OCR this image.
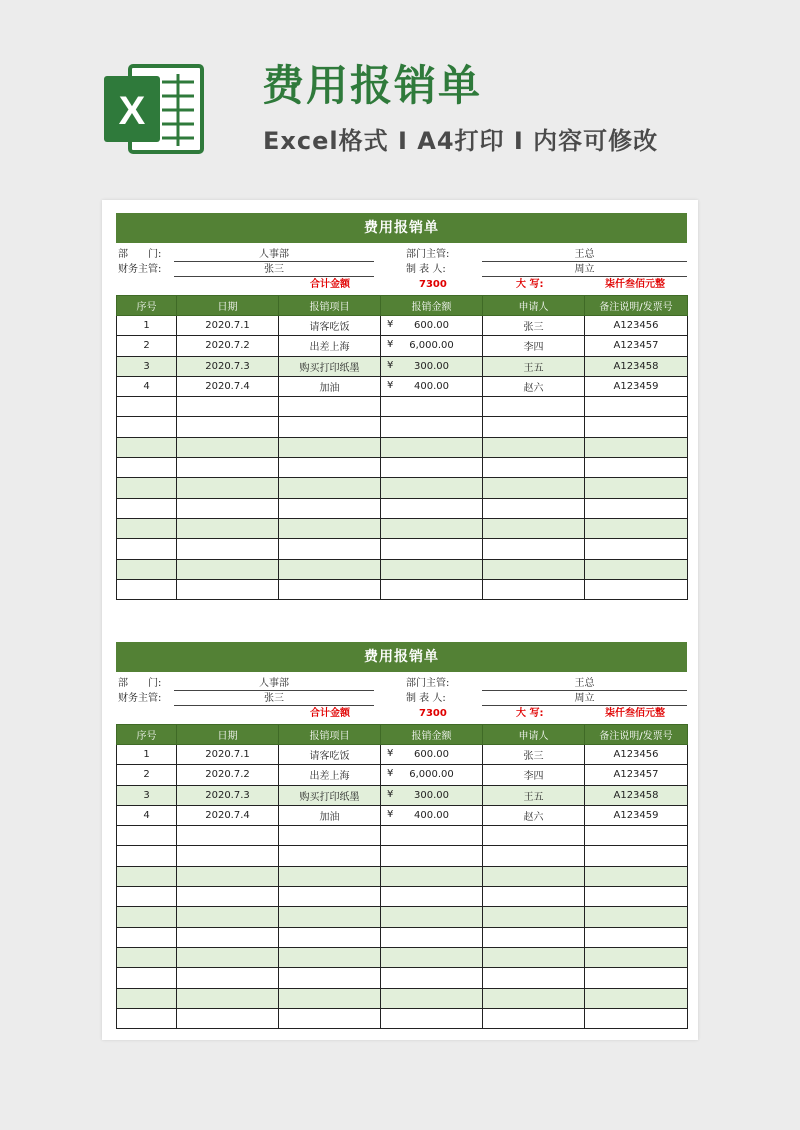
X
费用报销单
Excel格式 I A4打印 I 内容可修改
费用报销单
部　　门:	人事部	部门主管:	王总
财务主管:	张三	制 表 人:	周立
合计金额	7300	大 写:	柒仟叁佰元整
序号	日期	报销项目	报销金额	申请人	备注说明/发票号
1	2020.7.1	请客吃饭	¥ 600.00	张三	A123456
2	2020.7.2	出差上海	¥ 6,000.00	李四	A123457
3	2020.7.3	购买打印纸墨	¥ 300.00	王五	A123458
4	2020.7.4	加油	¥ 400.00	赵六	A123459

费用报销单
部　　门:	人事部	部门主管:	王总
财务主管:	张三	制 表 人:	周立
合计金额	7300	大 写:	柒仟叁佰元整
序号	日期	报销项目	报销金额	申请人	备注说明/发票号
1	2020.7.1	请客吃饭	¥ 600.00	张三	A123456
2	2020.7.2	出差上海	¥ 6,000.00	李四	A123457
3	2020.7.3	购买打印纸墨	¥ 300.00	王五	A123458
4	2020.7.4	加油	¥ 400.00	赵六	A123459
